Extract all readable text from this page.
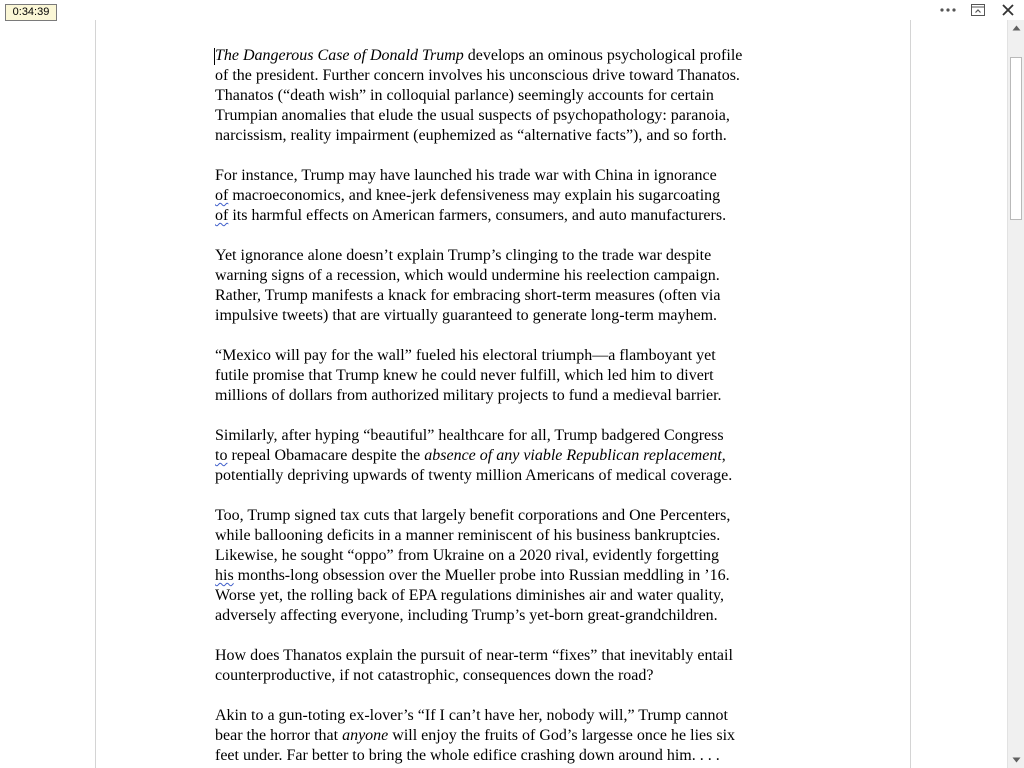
0:34:39

The Dangerous Case of Donald Trump develops an ominous psychological profile
of the president. Further concern involves his unconscious drive toward Thanatos.
Thanatos (“death wish” in colloquial parlance) seemingly accounts for certain
Trumpian anomalies that elude the usual suspects of psychopathology: paranoia,
narcissism, reality impairment (euphemized as “alternative facts”), and so forth.

For instance, Trump may have launched his trade war with China in ignorance
of macroeconomics, and knee-jerk defensiveness may explain his sugarcoating
of its harmful effects on American farmers, consumers, and auto manufacturers.

Yet ignorance alone doesn’t explain Trump’s clinging to the trade war despite
warning signs of a recession, which would undermine his reelection campaign.
Rather, Trump manifests a knack for embracing short-term measures (often via
impulsive tweets) that are virtually guaranteed to generate long-term mayhem.

“Mexico will pay for the wall” fueled his electoral triumph—a flamboyant yet
futile promise that Trump knew he could never fulfill, which led him to divert
millions of dollars from authorized military projects to fund a medieval barrier.

Similarly, after hyping “beautiful” healthcare for all, Trump badgered Congress
to repeal Obamacare despite the absence of any viable Republican replacement,
potentially depriving upwards of twenty million Americans of medical coverage.

Too, Trump signed tax cuts that largely benefit corporations and One Percenters,
while ballooning deficits in a manner reminiscent of his business bankruptcies.
Likewise, he sought “oppo” from Ukraine on a 2020 rival, evidently forgetting
his months-long obsession over the Mueller probe into Russian meddling in ’16.
Worse yet, the rolling back of EPA regulations diminishes air and water quality,
adversely affecting everyone, including Trump’s yet-born great-grandchildren.

How does Thanatos explain the pursuit of near-term “fixes” that inevitably entail
counterproductive, if not catastrophic, consequences down the road?

Akin to a gun-toting ex-lover’s “If I can’t have her, nobody will,” Trump cannot
bear the horror that anyone will enjoy the fruits of God’s largesse once he lies six
feet under. Far better to bring the whole edifice crashing down around him. . . .
